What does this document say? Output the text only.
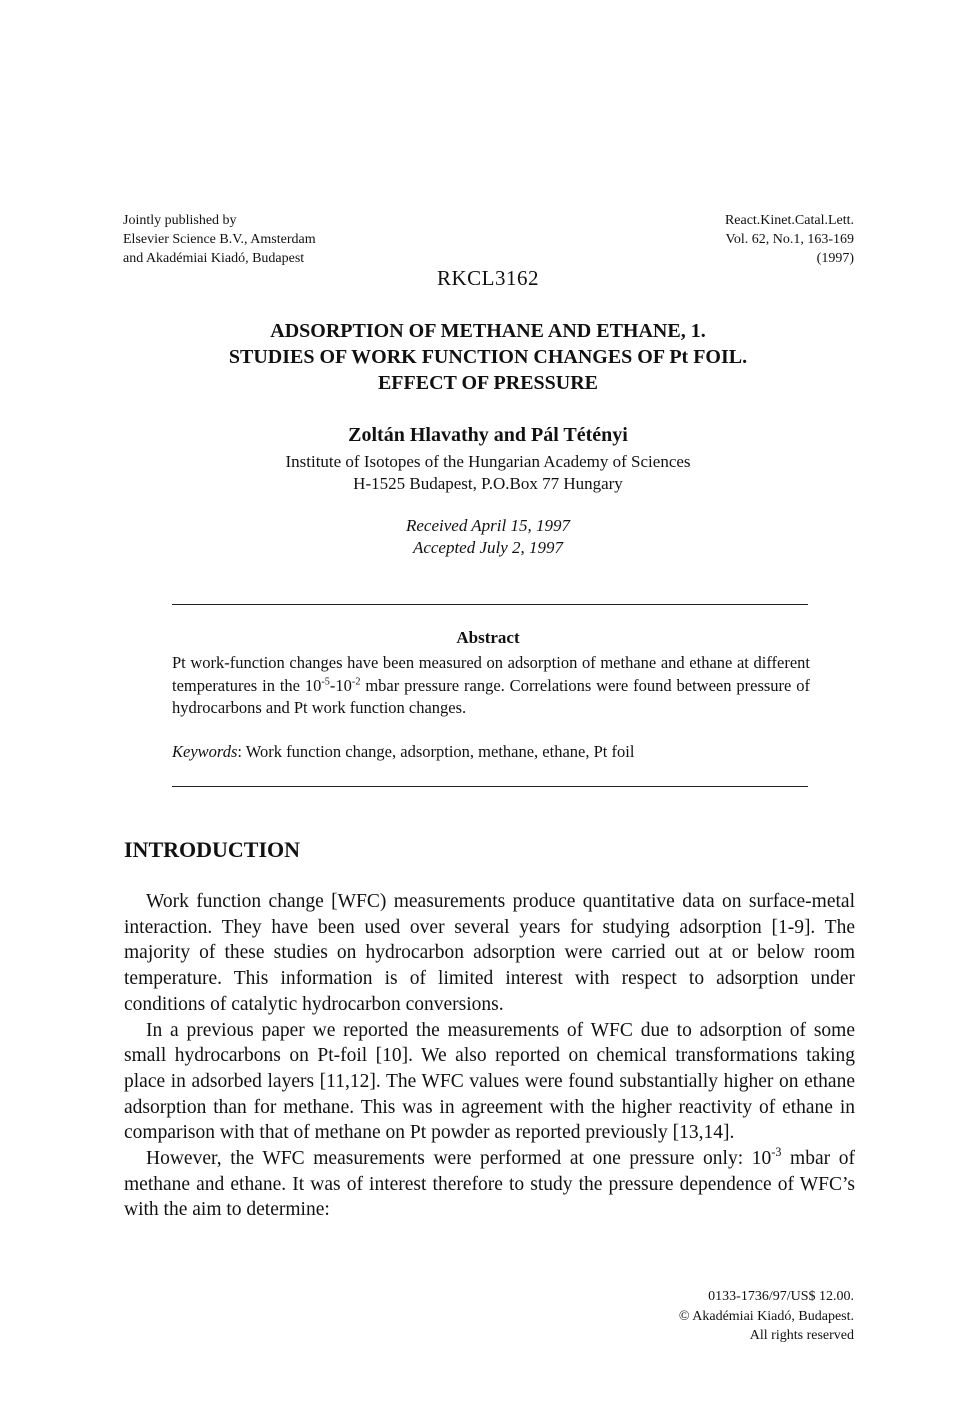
Jointly published by
Elsevier Science B.V., Amsterdam
and Akadémiai Kiadó, Budapest
React.Kinet.Catal.Lett.
Vol. 62, No.1, 163-169
(1997)
RKCL3162
ADSORPTION OF METHANE AND ETHANE, 1.
STUDIES OF WORK FUNCTION CHANGES OF Pt FOIL.
EFFECT OF PRESSURE
Zoltán Hlavathy and Pál Tétényi
Institute of Isotopes of the Hungarian Academy of Sciences
H-1525 Budapest, P.O.Box 77 Hungary
Received April 15, 1997
Accepted July 2, 1997
Abstract
Pt work-function changes have been measured on adsorption of methane and ethane at different temperatures in the $10^{-5}-10^{-2}$ mbar pressure range. Correlations were found between pressure of hydrocarbons and Pt work function changes.
Keywords: Work function change, adsorption, methane, ethane, Pt foil
INTRODUCTION

Work function change [WFC) measurements produce quantitative data on surface-metal interaction. They have been used over several years for studying adsorption [1-9]. The majority of these studies on hydrocarbon adsorption were carried out at or below room temperature. This information is of limited interest with respect to adsorption under conditions of catalytic hydrocarbon conversions.

In a previous paper we reported the measurements of WFC due to adsorption of some small hydrocarbons on Pt-foil [10]. We also reported on chemical transformations taking place in adsorbed layers [11,12]. The WFC values were found substantially higher on ethane adsorption than for methane. This was in agreement with the higher reactivity of ethane in comparison with that of methane on Pt powder as reported previously [13,14].

However, the WFC measurements were performed at one pressure only: $10^{-3}$ mbar of methane and ethane. It was of interest therefore to study the pressure dependence of WFC’s with the aim to determine:

0133-1736/97/US$ 12.00.
© Akadémiai Kiadó, Budapest.
All rights reserved
